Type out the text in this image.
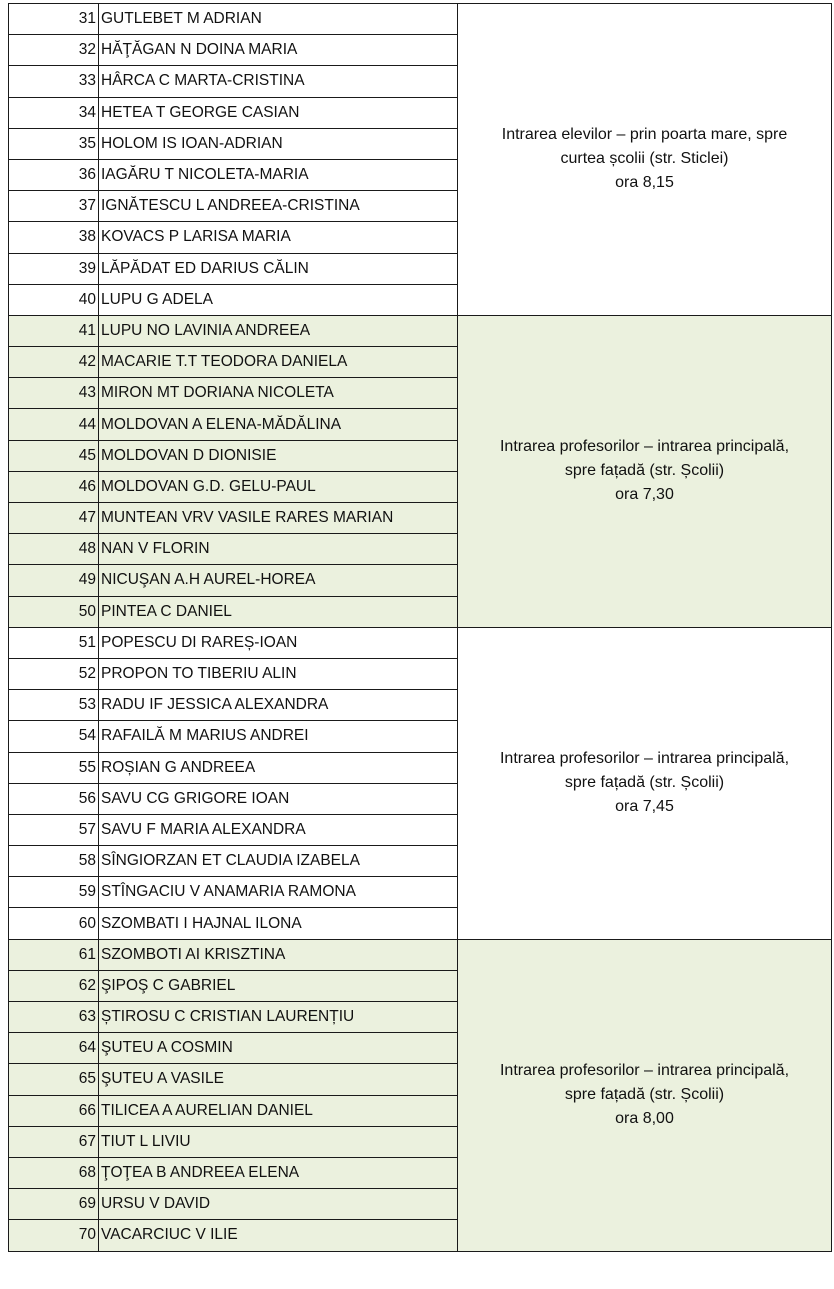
31	GUTLEBET M ADRIAN	Intrarea elevilor – prin poarta mare, spre
curtea școlii (str. Sticlei)
ora 8,15

32	HĂŢĂGAN N DOINA MARIA	
33	HÂRCA C MARTA-CRISTINA	
34	HETEA T GEORGE CASIAN	
35	HOLOM IS IOAN-ADRIAN	
36	IAGĂRU T NICOLETA-MARIA	
37	IGNĂTESCU L ANDREEA-CRISTINA	
38	KOVACS P LARISA MARIA	
39	LĂPĂDAT ED DARIUS CĂLIN	
40	LUPU G ADELA	
41	LUPU NO LAVINIA ANDREEA	Intrarea profesorilor – intrarea principală,
spre fațadă (str. Școlii)
ora 7,30

42	MACARIE T.T TEODORA DANIELA	
43	MIRON MT DORIANA NICOLETA	
44	MOLDOVAN A ELENA-MĂDĂLINA	
45	MOLDOVAN D DIONISIE	
46	MOLDOVAN G.D. GELU-PAUL	
47	MUNTEAN VRV VASILE RARES MARIAN	
48	NAN V FLORIN	
49	NICUŞAN A.H AUREL-HOREA	
50	PINTEA C DANIEL	
51	POPESCU DI RAREȘ-IOAN	Intrarea profesorilor – intrarea principală,
spre fațadă (str. Școlii)
ora 7,45

52	PROPON TO TIBERIU ALIN	
53	RADU IF JESSICA ALEXANDRA	
54	RAFAILĂ M MARIUS ANDREI	
55	ROȘIAN G ANDREEA	
56	SAVU CG GRIGORE IOAN	
57	SAVU F MARIA ALEXANDRA	
58	SÎNGIORZAN ET CLAUDIA IZABELA	
59	STÎNGACIU V ANAMARIA RAMONA	
60	SZOMBATI I HAJNAL ILONA	
61	SZOMBOTI AI KRISZTINA	Intrarea profesorilor – intrarea principală,
spre fațadă (str. Școlii)
ora 8,00

62	ŞIPOŞ C GABRIEL	
63	ȘTIROSU C CRISTIAN LAURENȚIU	
64	ŞUTEU A COSMIN	
65	ŞUTEU A VASILE	
66	TILICEA A AURELIAN DANIEL	
67	TIUT L LIVIU	
68	ŢOŢEA B ANDREEA ELENA	
69	URSU V DAVID	
70	VACARCIUC V ILIE	
